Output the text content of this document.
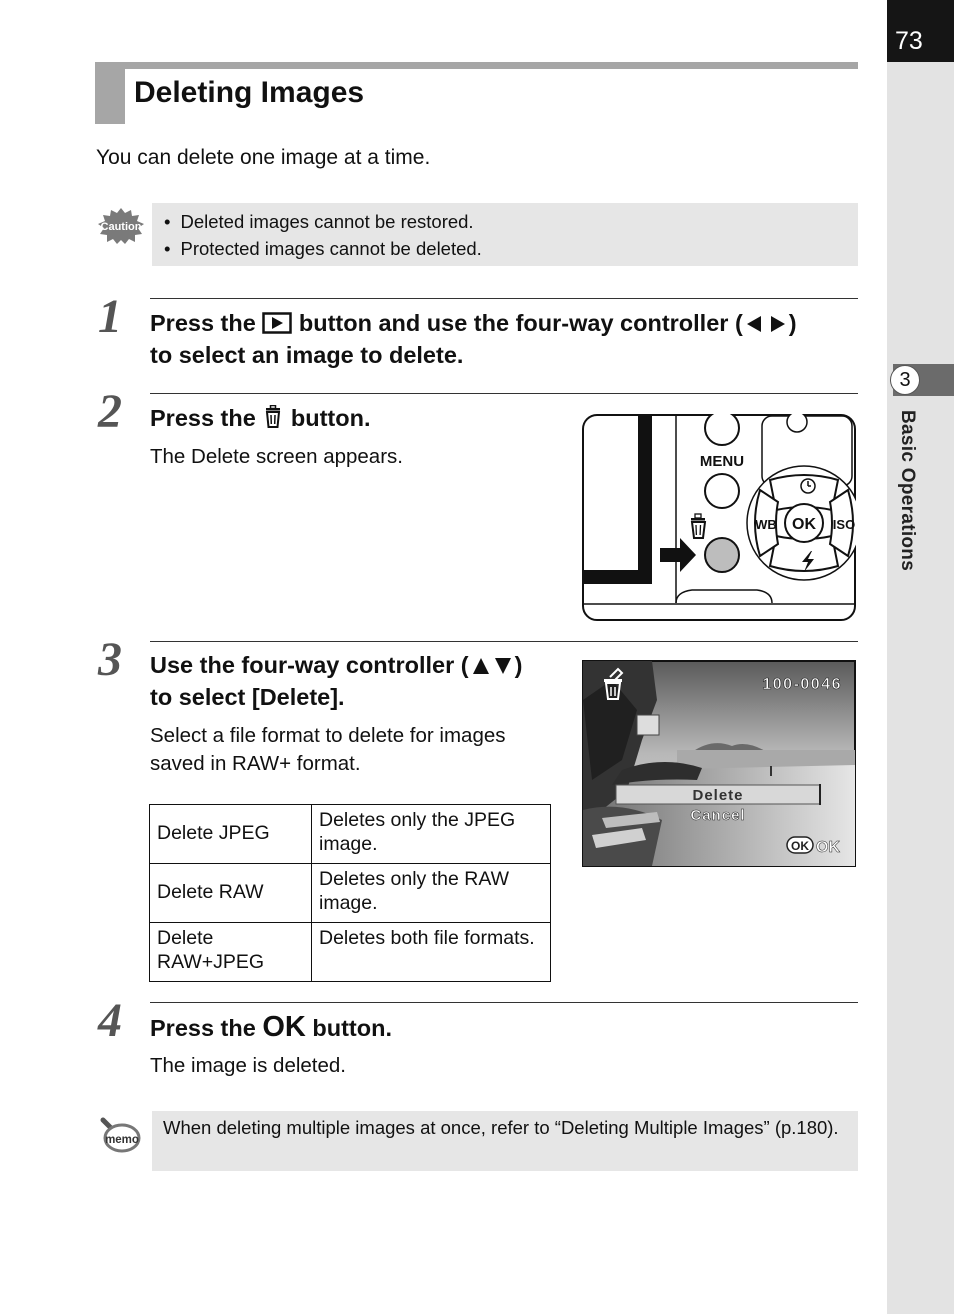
73
3
Basic Operations
Deleting Images
You can delete one image at a time.
Caution	• Deleted images cannot be restored.
• Protected images cannot be deleted.
1 Press the button and use the four-way controller ( )
to select an image to delete.
2 Press the button.
The Delete screen appears.	MENU
OK
WB	ISO
3 Use the four-way controller ( )
to select [Delete].
Select a file format to delete for images
saved in RAW+ format.
Delete JPEG	Deletes only the JPEG image.
Delete RAW	Deletes only the RAW image.
Delete RAW+JPEG	Deletes both file formats.
100-0046
Delete
Cancel
OK OK
4 Press the OK button.
The image is deleted.
memo
When deleting multiple images at once, refer to “Deleting Multiple Images” (p.180).
